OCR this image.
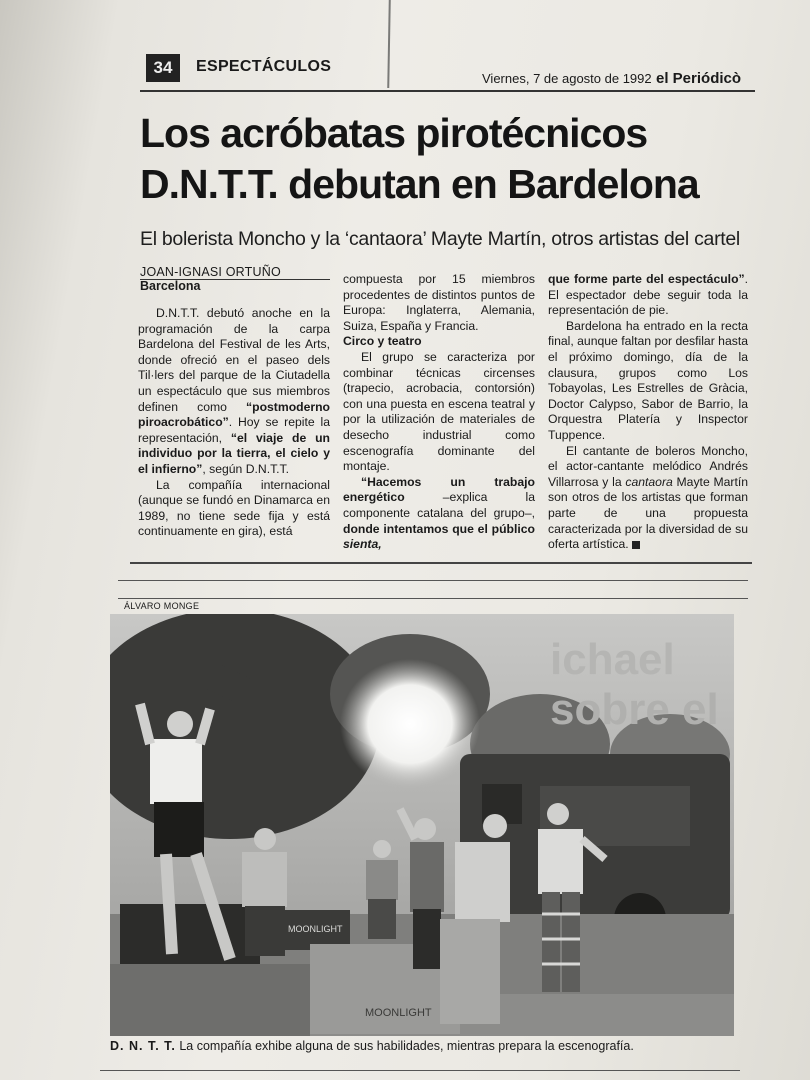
34	ESPECTÁCULOS
Viernes, 7 de agosto de 1992 el Periódicò
Los acróbatas pirotécnicos
D.N.T.T. debutan en Bardelona
El bolerista Moncho y la ‘cantaora’ Mayte Martín, otros artistas del cartel
JOAN-IGNASI ORTUÑO
Barcelona

D.N.T.T. debutó anoche en la programación de la carpa Bardelona del Festival de les Arts, donde ofreció en el paseo dels Til·lers del parque de la Ciutadella un espectáculo que sus miembros definen como “postmoderno piroacrobático”. Hoy se repite la representación, “el viaje de un individuo por la tierra, el cielo y el infierno”, según D.N.T.T.

La compañía internacional (aunque se fundó en Dinamarca en 1989, no tiene sede fija y está continuamente en gira), está

compuesta por 15 miembros procedentes de distintos puntos de Europa: Inglaterra, Alemania, Suiza, España y Francia.

Circo y teatro

El grupo se caracteriza por combinar técnicas circenses (trapecio, acrobacia, contorsión) con una puesta en escena teatral y por la utilización de materiales de desecho industrial como escenografía dominante del montaje.

“Hacemos un trabajo energético –explica la componente catalana del grupo–, donde intentamos que el público sienta,

que forme parte del espectáculo”. El espectador debe seguir toda la representación de pie.

Bardelona ha entrado en la recta final, aunque faltan por desfilar hasta el próximo domingo, día de la clausura, grupos como Los Tobayolas, Les Estrelles de Gràcia, Doctor Calypso, Sabor de Barrio, la Orquestra Platería y Inspector Tuppence.

El cantante de boleros Moncho, el actor-cantante melódico Andrés Villarrosa y la cantaora Mayte Martín son otros de los artistas que forman parte de una propuesta caracterizada por la diversidad de su oferta artística.

ÁLVARO MONGE
ichael
sobre el
MOONLIGHT
MOONLIGHT
D. N. T. T. La compañía exhibe alguna de sus habilidades, mientras prepara la escenografía.
